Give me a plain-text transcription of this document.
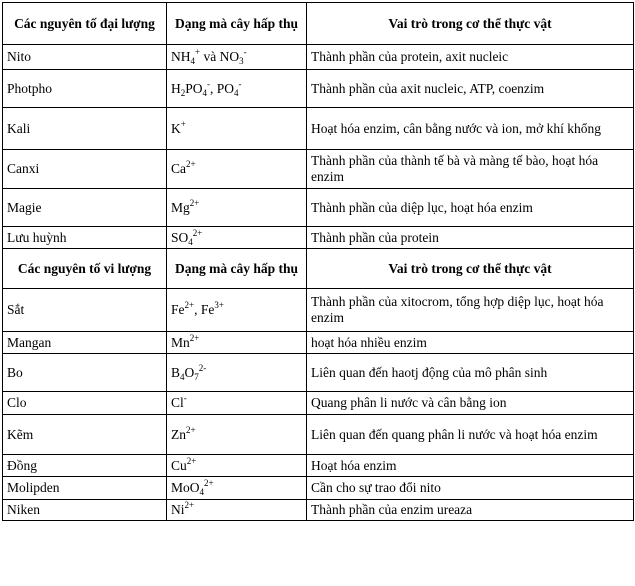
Các nguyên tố đại lượng	Dạng mà cây hấp thụ	Vai trò trong cơ thể thực vật
Nito	$NH_4^+$ và $NO_3^-$	Thành phần của protein, axit nucleic
Photpho	$H_2PO_4^-$, $PO_4^-$	Thành phần của axit nucleic, ATP, coenzim
Kali	K+	Hoạt hóa enzim, cân bằng nước và ion, mở khí khổng
Canxi	$Ca^{2+}$	Thành phần của thành tế bà và màng tế bào, hoạt hóa enzim
Magie	$Mg^{2+}$	Thành phần của diệp lục, hoạt hóa enzim
Lưu huỳnh	$SO_4^{2+}$	Thành phần của protein
Các nguyên tố vi lượng	Dạng mà cây hấp thụ	Vai trò trong cơ thể thực vật
Sắt	$Fe^{2+}$, $Fe^{3+}$	Thành phần của xitocrom, tổng hợp diệp lục, hoạt hóa enzim
Mangan	$Mn^{2+}$	hoạt hóa nhiều enzim
Bo	$B_4O_7^{2-}$	Liên quan đến haotj động của mô phân sinh
Clo	Cl-	Quang phân li nước và cân bằng ion
Kẽm	$Zn^{2+}$	Liên quan đến quang phân li nước và hoạt hóa enzim
Đồng	$Cu^{2+}$	Hoạt hóa enzim
Molipden	MoO$_4^{2+}$	Cần cho sự trao đổi nito
Niken	$Ni^{2+}$	Thành phần của enzim ureaza
